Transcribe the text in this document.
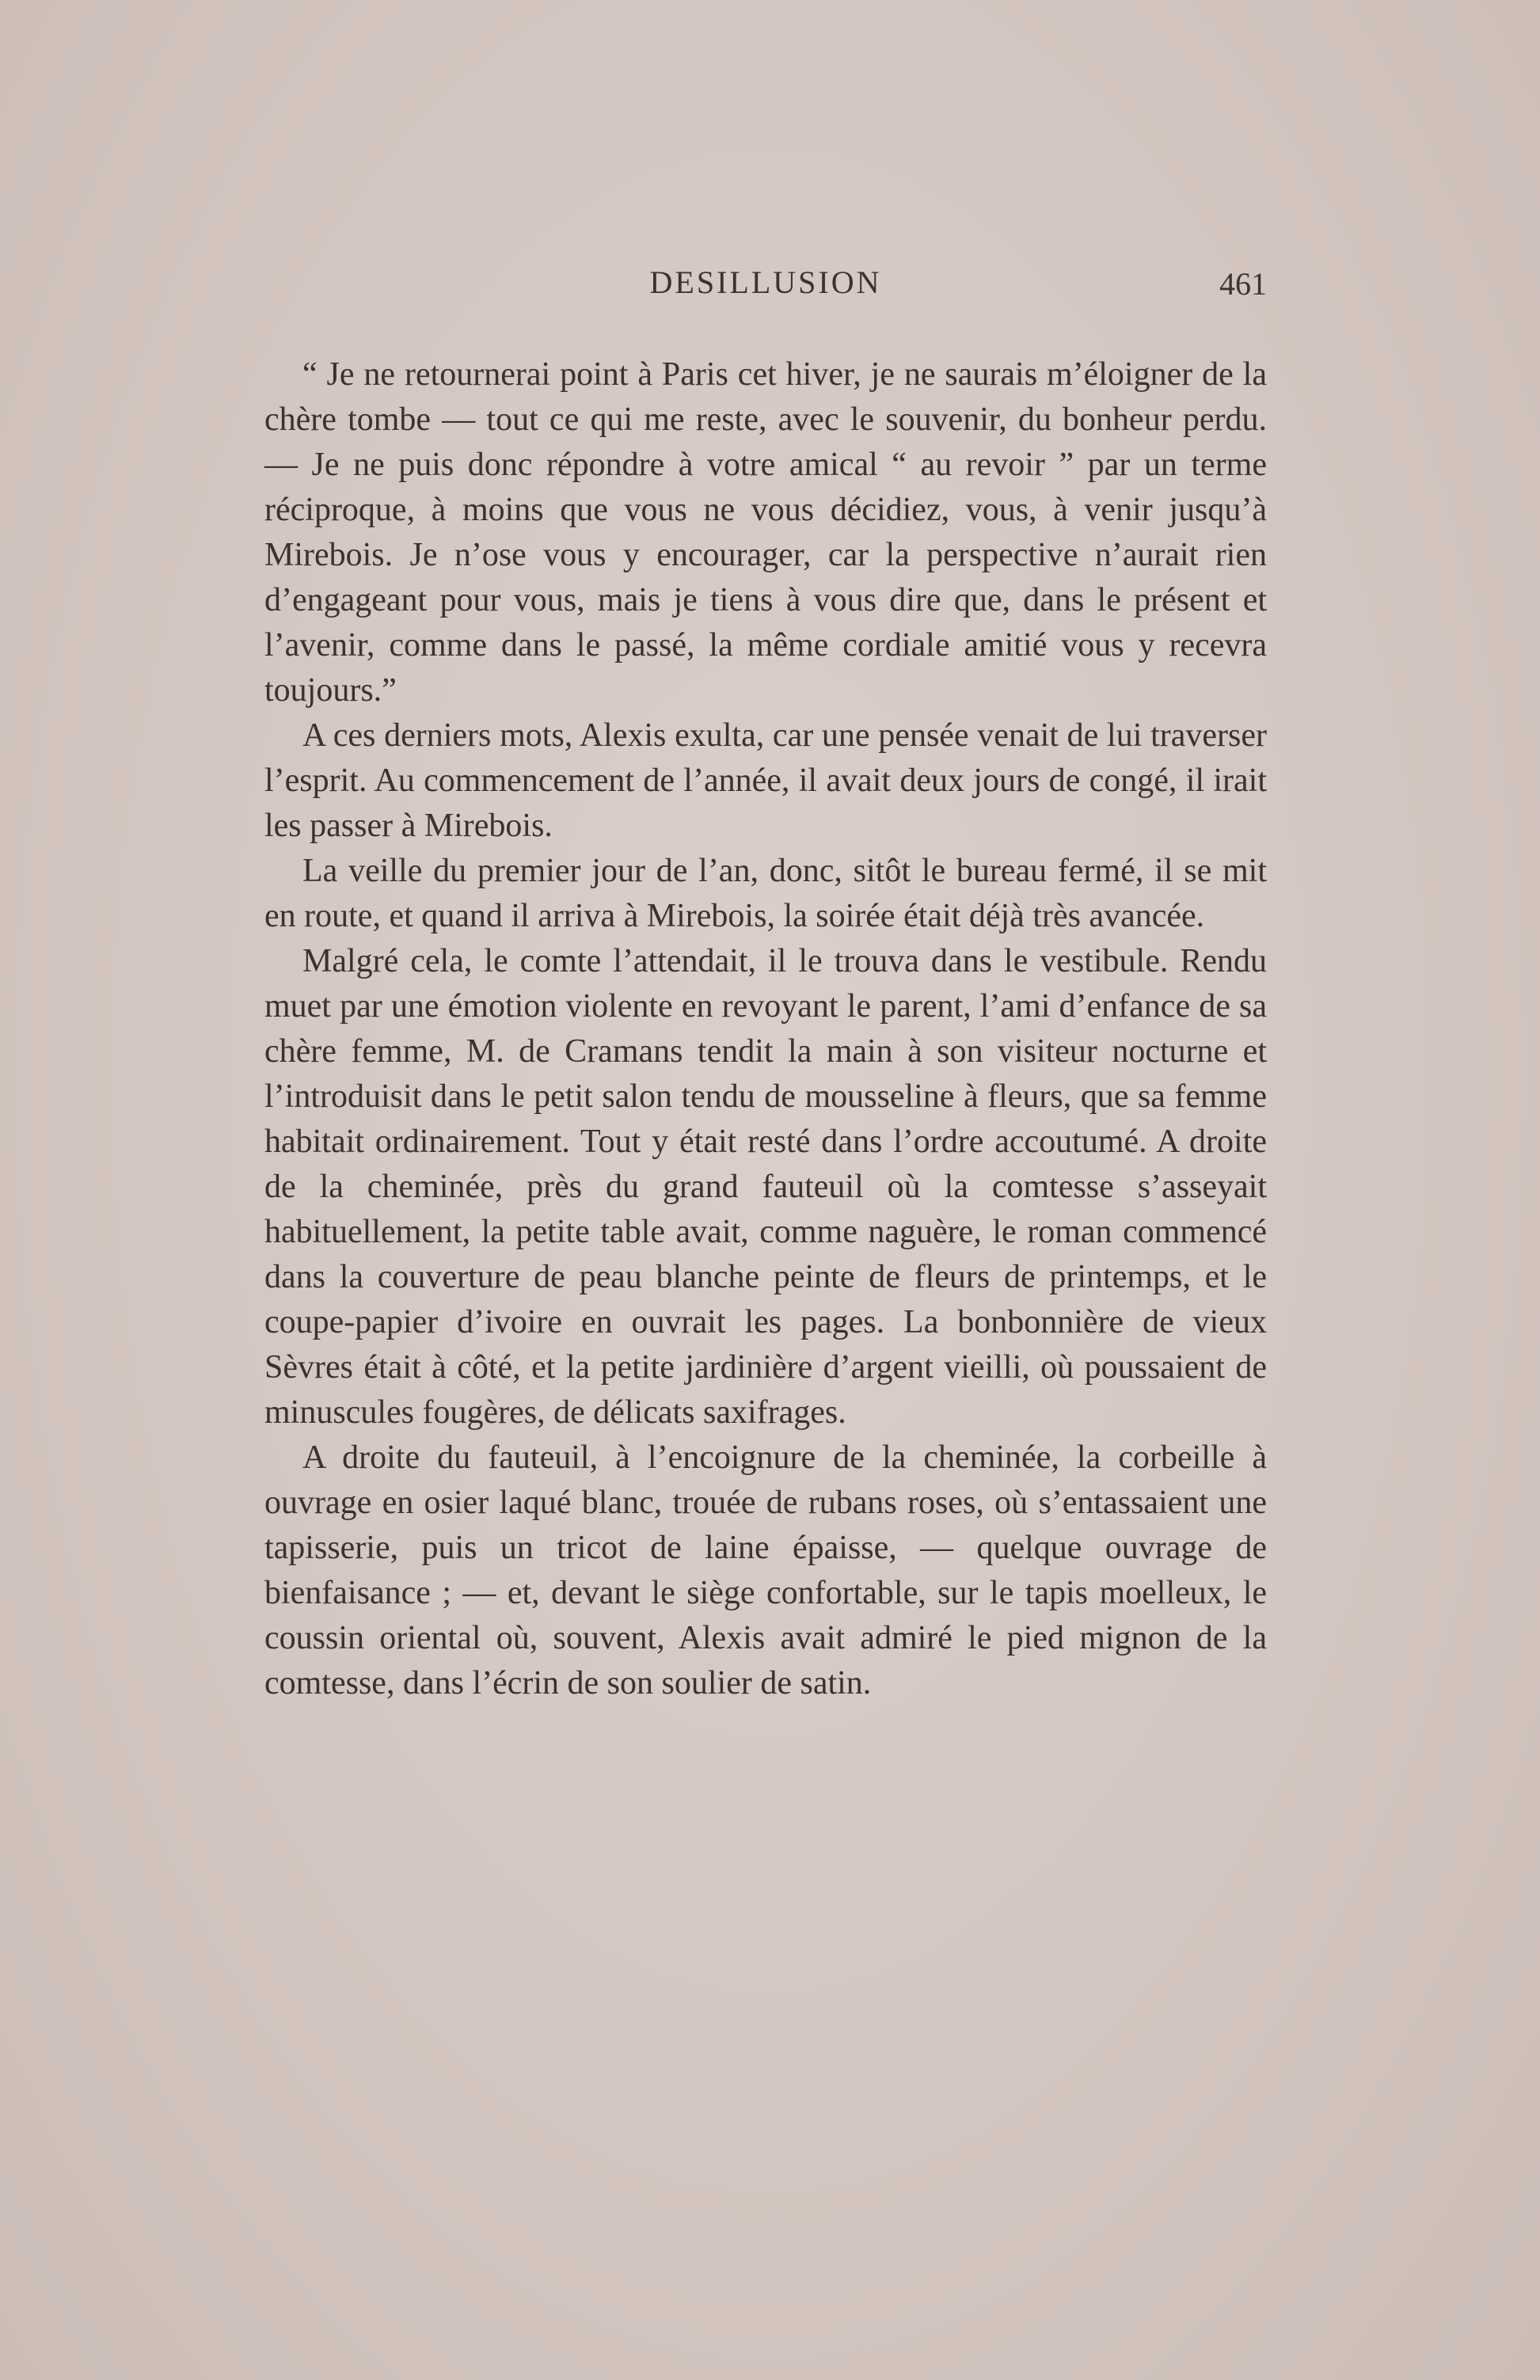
DESILLUSION	461

“ Je ne retournerai point à Paris cet hiver, je ne saurais m’éloigner de la chère tombe — tout ce qui me reste, avec le souvenir, du bonheur perdu. — Je ne puis donc répondre à votre amical “ au revoir ” par un terme réciproque, à moins que vous ne vous décidiez, vous, à venir jusqu’à Mirebois. Je n’ose vous y encourager, car la perspective n’aurait rien d’engageant pour vous, mais je tiens à vous dire que, dans le présent et l’avenir, comme dans le passé, la même cordiale amitié vous y recevra toujours.”

A ces derniers mots, Alexis exulta, car une pensée venait de lui traverser l’esprit. Au commencement de l’année, il avait deux jours de congé, il irait les passer à Mirebois.

La veille du premier jour de l’an, donc, sitôt le bureau fermé, il se mit en route, et quand il arriva à Mirebois, la soirée était déjà très avancée.

Malgré cela, le comte l’attendait, il le trouva dans le vestibule. Rendu muet par une émotion violente en revoyant le parent, l’ami d’enfance de sa chère femme, M. de Cramans tendit la main à son visiteur nocturne et l’introduisit dans le petit salon tendu de mousseline à fleurs, que sa femme habitait ordinairement. Tout y était resté dans l’ordre accoutumé. A droite de la cheminée, près du grand fauteuil où la comtesse s’asseyait habituellement, la petite table avait, comme naguère, le roman commencé dans la couverture de peau blanche peinte de fleurs de printemps, et le coupe-papier d’ivoire en ouvrait les pages. La bonbonnière de vieux Sèvres était à côté, et la petite jardinière d’argent vieilli, où poussaient de minuscules fougères, de délicats saxifrages.

A droite du fauteuil, à l’encoignure de la cheminée, la corbeille à ouvrage en osier laqué blanc, trouée de rubans roses, où s’entassaient une tapisserie, puis un tricot de laine épaisse, — quelque ouvrage de bienfaisance ; — et, devant le siège confortable, sur le tapis moelleux, le coussin oriental où, souvent, Alexis avait admiré le pied mignon de la comtesse, dans l’écrin de son soulier de satin.
